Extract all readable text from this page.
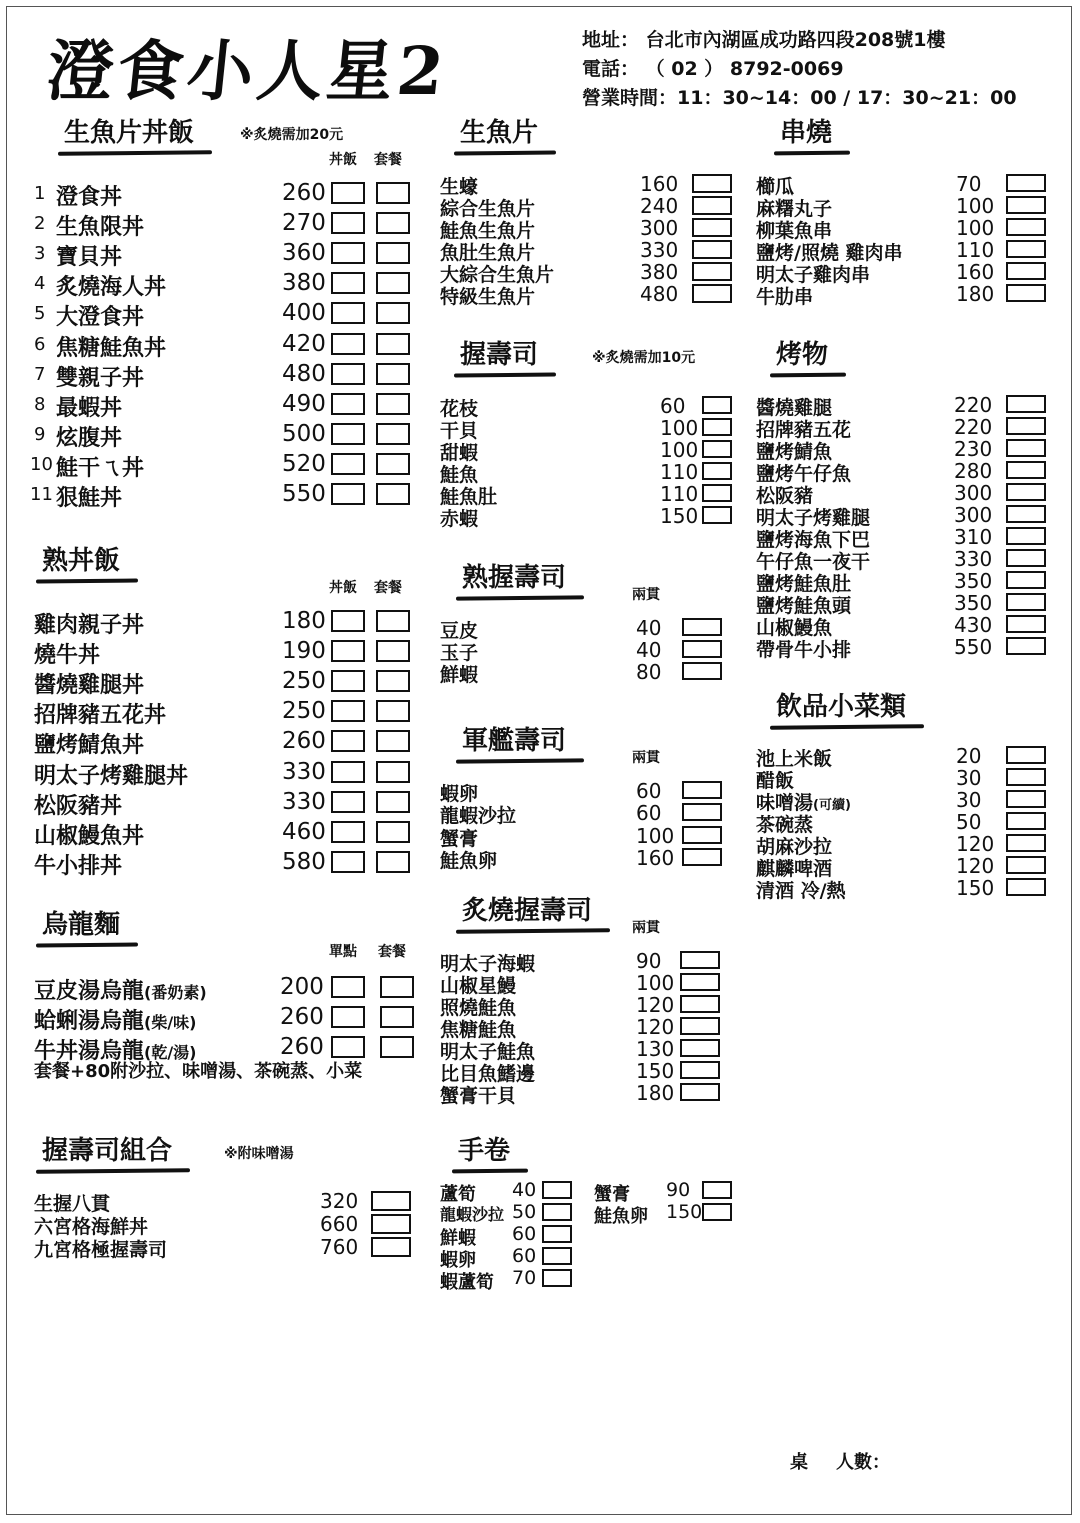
澄食小人星2	地址： 台北市內湖區成功路四段208號1樓
電話： （ 02 ） 8792-0069
營業時間：11：30~14：00 / 17：30~21：00
生魚片丼飯	※炙燒需加20元
丼飯 套餐
1 澄食丼	260
2 生魚限丼	270
3 寶貝丼	360
4 炙燒海人丼	380
5 大澄食丼	400
6 焦糖鮭魚丼	420
7 雙親子丼	480
8 最蝦丼	490
9 炫腹丼	500
10 鮭干ㄟ丼	520
11 狠鮭丼	550
熟丼飯
丼飯 套餐
雞肉親子丼	180
燒牛丼	190
醬燒雞腿丼	250
招牌豬五花丼	250
鹽烤鯖魚丼	260
明太子烤雞腿丼	330
松阪豬丼	330
山椒鰻魚丼	460
牛小排丼	580
烏龍麵
單點 套餐
豆皮湯烏龍(番奶素)	200
蛤蜊湯烏龍(柴/味)	260
牛丼湯烏龍(乾/湯)	260
套餐+80附沙拉、味噌湯、茶碗蒸、小菜
握壽司組合	※附味噌湯
生握八貫	320
六宮格海鮮丼	660
九宮格極握壽司	760
生魚片
生蠔	160
綜合生魚片	240
鮭魚生魚片	300
魚肚生魚片	330
大綜合生魚片	380
特級生魚片	480
握壽司	※炙燒需加10元
花枝	60
干貝	100
甜蝦	100
鮭魚	110
鮭魚肚	110
赤蝦	150
熟握壽司
兩貫
豆皮	40
玉子	40
鮮蝦	80
軍艦壽司
兩貫
蝦卵	60
龍蝦沙拉	60
蟹膏	100
鮭魚卵	160
炙燒握壽司
兩貫
明太子海蝦	90
山椒星鰻	100
照燒鮭魚	120
焦糖鮭魚	120
明太子鮭魚	130
比目魚鰭邊	150
蟹膏干貝	180
串燒
櫛瓜	70
麻糬丸子	100
柳葉魚串	100
鹽烤/照燒 雞肉串	110
明太子雞肉串	160
牛肋串	180
烤物
醬燒雞腿	220
招牌豬五花	220
鹽烤鯖魚	230
鹽烤午仔魚	280
松阪豬	300
明太子烤雞腿	300
鹽烤海魚下巴	310
午仔魚一夜干	330
鹽烤鮭魚肚	350
鹽烤鮭魚頭	350
山椒鰻魚	430
帶骨牛小排	550
飲品小菜類
池上米飯	20
醋飯	30
味噌湯(可續)	30
茶碗蒸	50
胡麻沙拉	120
麒麟啤酒	120
清酒 冷/熱	150
手卷
蘆筍 40
龍蝦沙拉 50
鮮蝦 60
蝦卵 60
蝦蘆筍 70
蟹膏 90
鮭魚卵 150
桌 人數：
